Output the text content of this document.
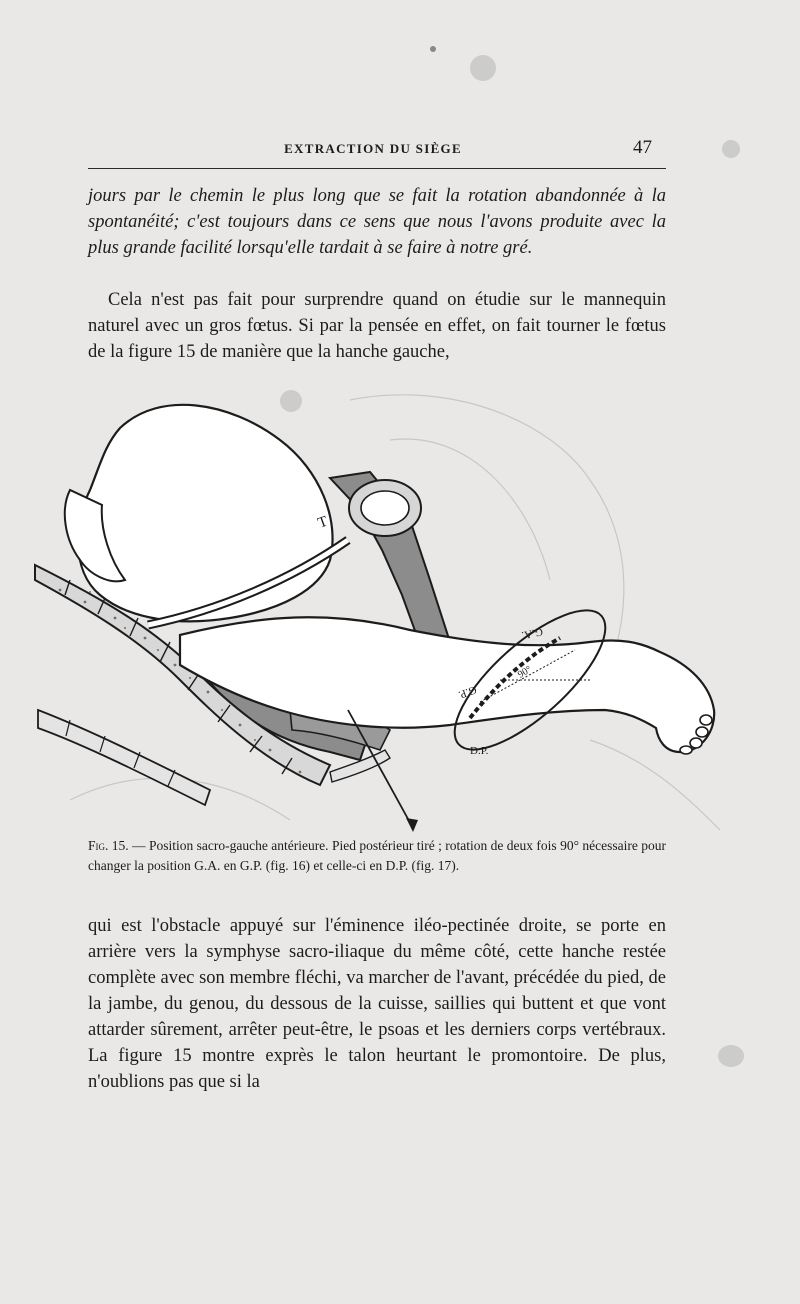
EXTRACTION DU SIÈGE	47

jours par le chemin le plus long que se fait la rotation abandonnée à la spontanéité; c'est toujours dans ce sens que nous l'avons produite avec la plus grande facilité lorsqu'elle tardait à se faire à notre gré.

Cela n'est pas fait pour surprendre quand on étudie sur le mannequin naturel avec un gros fœtus. Si par la pensée en effet, on fait tourner le fœtus de la figure 15 de manière que la hanche gauche,

T
G.A.
G.P.
D.P.
90°
Fig. 15. — Position sacro-gauche antérieure. Pied postérieur tiré ; rotation de deux fois 90° nécessaire pour changer la position G.A. en G.P. (fig. 16) et celle-ci en D.P. (fig. 17).

qui est l'obstacle appuyé sur l'éminence iléo-pectinée droite, se porte en arrière vers la symphyse sacro-iliaque du même côté, cette hanche restée complète avec son membre fléchi, va marcher de l'avant, précédée du pied, de la jambe, du genou, du dessous de la cuisse, saillies qui buttent et que vont attarder sûrement, arrêter peut-être, le psoas et les derniers corps vertébraux. La figure 15 montre exprès le talon heurtant le promontoire. De plus, n'oublions pas que si la
